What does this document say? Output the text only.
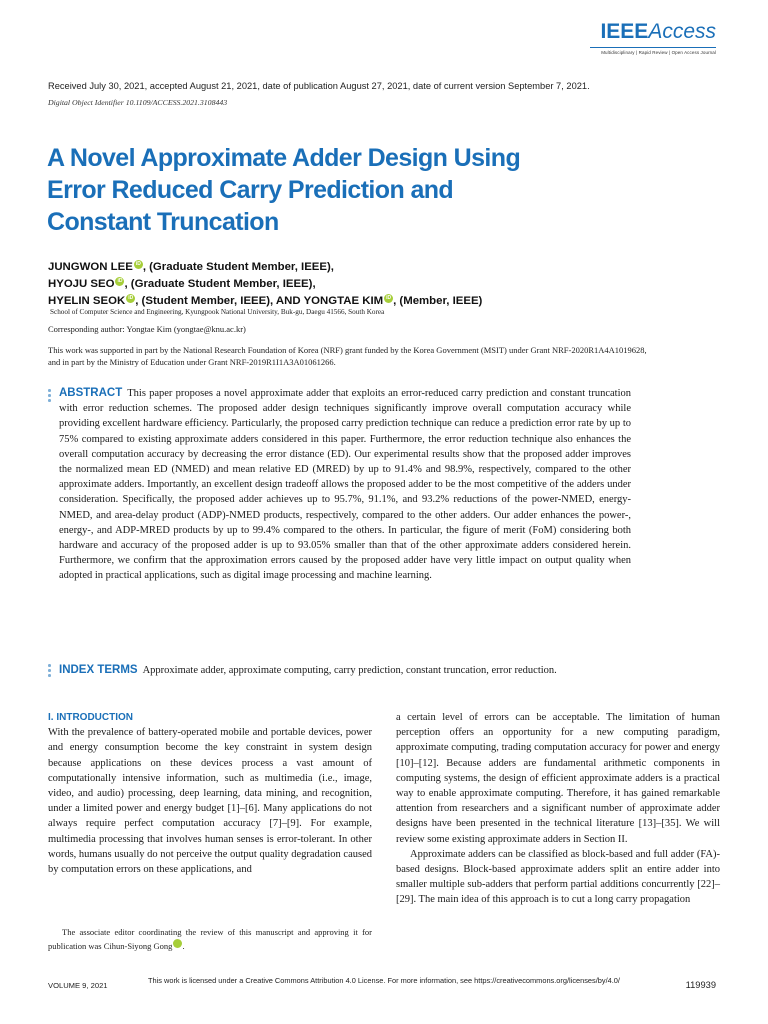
IEEEAccess
Multidisciplinary | Rapid Review | Open Access Journal
Received July 30, 2021, accepted August 21, 2021, date of publication August 27, 2021, date of current version September 7, 2021.
Digital Object Identifier 10.1109/ACCESS.2021.3108443
A Novel Approximate Adder Design Using
Error Reduced Carry Prediction and
Constant Truncation
JUNGWON LEE iD , (Graduate Student Member, IEEE),
HYOJU SEO iD , (Graduate Student Member, IEEE),
HYELIN SEOK iD , (Student Member, IEEE), AND YONGTAE KIM iD , (Member, IEEE)
School of Computer Science and Engineering, Kyungpook National University, Buk-gu, Daegu 41566, South Korea
Corresponding author: Yongtae Kim (yongtae@knu.ac.kr)
This work was supported in part by the National Research Foundation of Korea (NRF) grant funded by the Korea Government (MSIT) under Grant NRF-2020R1A4A1019628, and in part by the Ministry of Education under Grant NRF-2019R1I1A3A01061266.
ABSTRACT This paper proposes a novel approximate adder that exploits an error-reduced carry prediction and constant truncation with error reduction schemes. The proposed adder design techniques significantly improve overall computation accuracy while providing excellent hardware efficiency. Particularly, the proposed carry prediction technique can reduce a prediction error rate by up to 75% compared to existing approximate adders considered in this paper. Furthermore, the error reduction technique also enhances the overall computation accuracy by decreasing the error distance (ED). Our experimental results show that the proposed adder improves the normalized mean ED (NMED) and mean relative ED (MRED) by up to 91.4% and 98.9%, respectively, compared to the other approximate adders. Importantly, an excellent design tradeoff allows the proposed adder to be the most competitive of the adders under consideration. Specifically, the proposed adder achieves up to 95.7%, 91.1%, and 93.2% reductions of the power-NMED, energy-NMED, and area-delay product (ADP)-NMED products, respectively, compared to the other adders. Our adder enhances the power-, energy-, and ADP-MRED products by up to 99.4% compared to the others. In particular, the figure of merit (FoM) considering both hardware and accuracy of the proposed adder is up to 93.05% smaller than that of the other approximate adders considered herein. Furthermore, we confirm that the approximation errors caused by the proposed adder have very little impact on output quality when adopted in practical applications, such as digital image processing and machine learning.
INDEX TERMS Approximate adder, approximate computing, carry prediction, constant truncation, error reduction.
I. INTRODUCTION

With the prevalence of battery-operated mobile and portable devices, power and energy consumption become the key constraint in system design because applications on these devices process a vast amount of computationally intensive information, such as multimedia (i.e., image, video, and audio) processing, deep learning, data mining, and recognition, under a limited power and energy budget [1]–[6]. Many applications do not always require perfect computation accuracy [7]–[9]. For example, multimedia processing that involves human senses is error-tolerant. In other words, humans usually do not perceive the output quality degradation caused by computation errors on these applications, and

a certain level of errors can be acceptable. The limitation of human perception offers an opportunity for a new computing paradigm, approximate computing, trading computation accuracy for power and energy [10]–[12]. Because adders are fundamental arithmetic components in computing systems, the design of efficient approximate adders is a practical way to enable approximate computing. Therefore, it has gained remarkable attention from researchers and a significant number of approximate adder designs have been presented in the technical literature [13]–[35]. We will review some existing approximate adders in Section II.

Approximate adders can be classified as block-based and full adder (FA)-based designs. Block-based approximate adders split an entire adder into smaller multiple sub-adders that perform partial additions concurrently [22]–[29]. The main idea of this approach is to cut a long carry propagation

The associate editor coordinating the review of this manuscript and approving it for publication was Cihun-Siyong Gong	iD.
VOLUME 9, 2021
This work is licensed under a Creative Commons Attribution 4.0 License. For more information, see https://creativecommons.org/licenses/by/4.0/	119939
